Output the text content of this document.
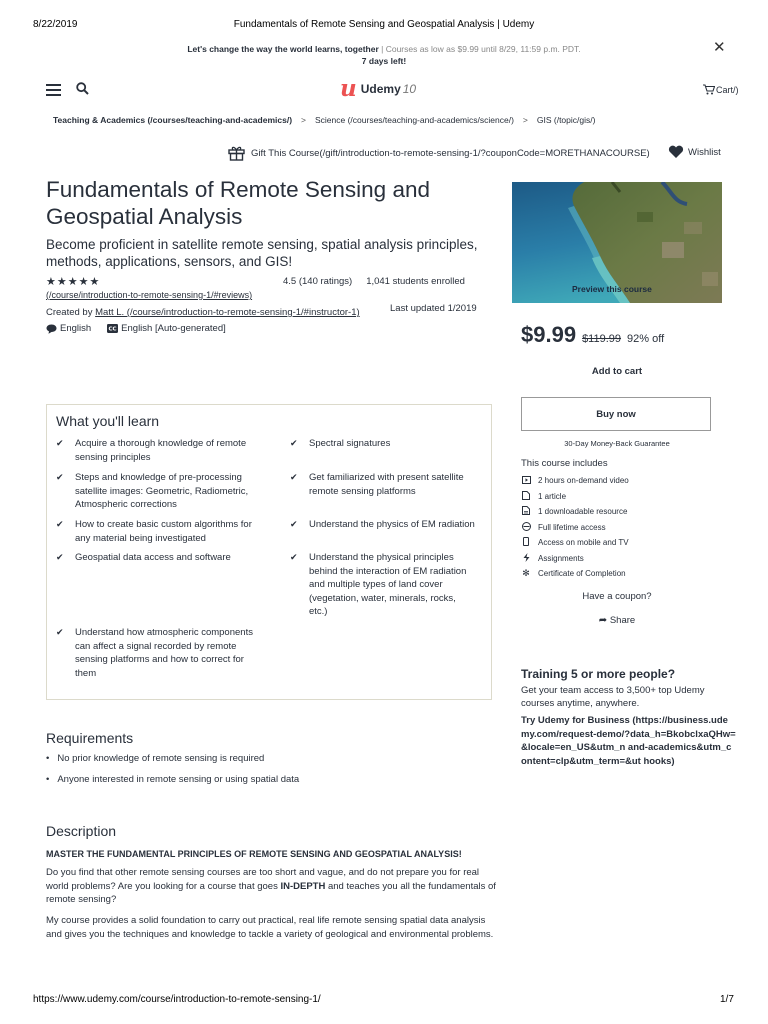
8/22/2019	Fundamentals of Remote Sensing and Geospatial Analysis | Udemy
Let's change the way the world learns, together | Courses as low as $9.99 until 8/29, 11:59 p.m. PDT.
7 days left!
✕
u Udemy 10	Cart/)
Teaching & Academics (/courses/teaching-and-academics/) > Science (/courses/teaching-and-academics/science/) > GIS (/topic/gis/)
Gift This Course(/gift/introduction-to-remote-sensing-1/?couponCode=MORETHANACOURSE)	Wishlist
Fundamentals of Remote Sensing and Geospatial Analysis
Become proficient in satellite remote sensing, spatial analysis principles, methods, applications, sensors, and GIS!
★★★★★	4.5 (140 ratings) 1,041 students enrolled
(/course/introduction-to-remote-sensing-1/#reviews)
Created by Matt L. (/course/introduction-to-remote-sensing-1/#instructor-1)	Last updated 1/2019
English	CC English [Auto-generated]
Preview this course
$9.99 $119.99 92% off
Add to cart
Buy now
30-Day Money-Back Guarantee
This course includes
2 hours on-demand video
1 article
1 downloadable resource
Full lifetime access
Access on mobile and TV
Assignments
✻ Certificate of Completion
Have a coupon?
➦ Share
Training 5 or more people?
Get your team access to 3,500+ top Udemy courses anytime, anywhere.
Try Udemy for Business (https://business.udemy.com/request-demo/?data_h=BkobclxaQHw=&locale=en_US&utm_n and-academics&utm_content=clp&utm_term=&ut hooks)
What you'll learn
✔ Acquire a thorough knowledge of remote sensing principles
✔ Spectral signatures
✔ Steps and knowledge of pre-processing satellite images: Geometric, Radiometric, Atmospheric corrections
✔ Get familiarized with present satellite remote sensing platforms
✔ How to create basic custom algorithms for any material being investigated
✔ Understand the physics of EM radiation
✔ Geospatial data access and software	✔ Understand the physical principles behind the interaction of EM radiation and multiple types of land cover (vegetation, water, minerals, rocks, etc.)
✔ Understand how atmospheric components can affect a signal recorded by remote sensing platforms and how to correct for them
Requirements
• No prior knowledge of remote sensing is required
• Anyone interested in remote sensing or using spatial data
Description
MASTER THE FUNDAMENTAL PRINCIPLES OF REMOTE SENSING AND GEOSPATIAL ANALYSIS!
Do you find that other remote sensing courses are too short and vague, and do not prepare you for real world problems? Are you looking for a course that goes IN-DEPTH and teaches you all the fundamentals of remote sensing?
My course provides a solid foundation to carry out practical, real life remote sensing spatial data analysis and gives you the techniques and knowledge to tackle a variety of geological and environmental problems.
https://www.udemy.com/course/introduction-to-remote-sensing-1/	1/7
